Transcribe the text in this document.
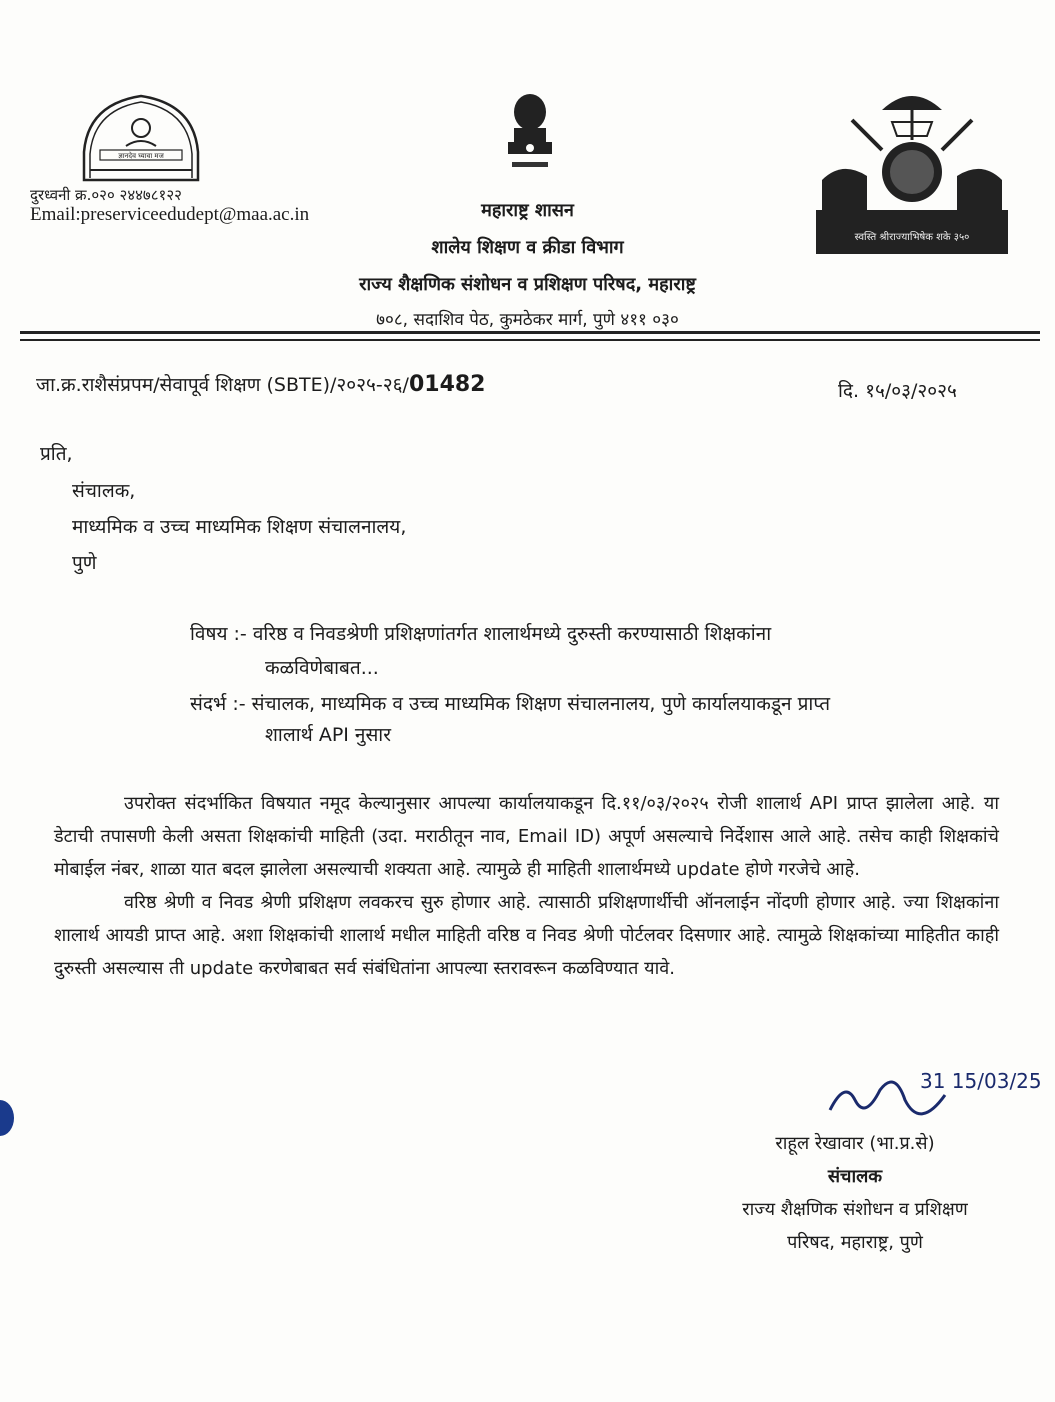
ज्ञानदेव घ्यावा मज
स्वस्ति श्रीराज्याभिषेक शके ३५०
दुरध्वनी क्र.०२० २४४७८१२२
Email:preserviceedudept@maa.ac.in	महाराष्ट्र शासन
शालेय शिक्षण व क्रीडा विभाग
राज्य शैक्षणिक संशोधन व प्रशिक्षण परिषद, महाराष्ट्र
७०८, सदाशिव पेठ, कुमठेकर मार्ग, पुणे ४११ ०३०
जा.क्र.राशैसंप्रपम/सेवापूर्व शिक्षण (SBTE)/२०२५-२६/01482	दि. १५/०३/२०२५
प्रति,
संचालक,
माध्यमिक व उच्च माध्यमिक शिक्षण संचालनालय,
पुणे
विषय :- वरिष्ठ व निवडश्रेणी प्रशिक्षणांतर्गत शालार्थमध्ये दुरुस्ती करण्यासाठी शिक्षकांना
कळविणेबाबत...
संदर्भ :- संचालक, माध्यमिक व उच्च माध्यमिक शिक्षण संचालनालय, पुणे कार्यालयाकडून प्राप्त
शालार्थ API नुसार

उपरोक्त संदर्भाकित विषयात नमूद केल्यानुसार आपल्या कार्यालयाकडून दि.११/०३/२०२५ रोजी शालार्थ API प्राप्त झालेला आहे. या डेटाची तपासणी केली असता शिक्षकांची माहिती (उदा. मराठीतून नाव, Email ID) अपूर्ण असल्याचे निर्देशास आले आहे. तसेच काही शिक्षकांचे मोबाईल नंबर, शाळा यात बदल झालेला असल्याची शक्यता आहे. त्यामुळे ही माहिती शालार्थमध्ये update होणे गरजेचे आहे.

वरिष्ठ श्रेणी व निवड श्रेणी प्रशिक्षण लवकरच सुरु होणार आहे. त्यासाठी प्रशिक्षणार्थीची ऑनलाईन नोंदणी होणार आहे. ज्या शिक्षकांना शालार्थ आयडी प्राप्त आहे. अशा शिक्षकांची शालार्थ मधील माहिती वरिष्ठ व निवड श्रेणी पोर्टलवर दिसणार आहे. त्यामुळे शिक्षकांच्या माहितीत काही दुरुस्ती असल्यास ती update करणेबाबत सर्व संबंधितांना आपल्या स्तरावरून कळविण्यात यावे.

31 15/03/25
राहूल रेखावार (भा.प्र.से)
संचालक
राज्य शैक्षणिक संशोधन व प्रशिक्षण
परिषद, महाराष्ट्र, पुणे
